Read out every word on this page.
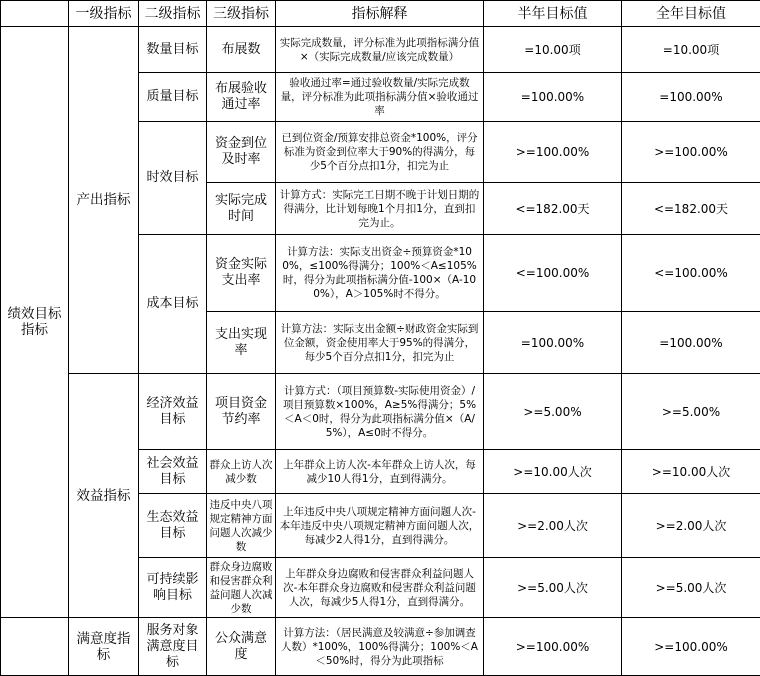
	一级指标	二级指标	三级指标	指标解释	半年目标值	全年目标值
绩效目标指标	产出指标	数量目标	布展数	实际完成数量，评分标准为此项指标满分值×（实际完成数量/应该完成数量）	=10.00项	=10.00项
		质量目标	布展验收通过率	验收通过率=通过验收数量/实际完成数量，评分标准为此项指标满分值×验收通过率	=100.00%	=100.00%
		时效目标	资金到位及时率	已到位资金/预算安排总资金*100%，评分标准为资金到位率大于90%的得满分，每少5个百分点扣1分，扣完为止	>=100.00%	>=100.00%
			实际完成时间	计算方式：实际完工日期不晚于计划日期的得满分，比计划每晚1个月扣1分，直到扣完为止。	<=182.00天	<=182.00天
		成本目标	资金实际支出率	计算方法：实际支出资金÷预算资金*100%，≤100%得满分；100%＜A≤105%时，得分为此项指标满分值-100×（A-100%），A＞105%时不得分。	<=100.00%	<=100.00%
			支出实现率	计算方法：实际支出金额÷财政资金实际到位金额，资金使用率大于95%的得满分，每少5个百分点扣1分，扣完为止	=100.00%	=100.00%
	效益指标	经济效益目标	项目资金节约率	计算方式：（项目预算数-实际使用资金）/项目预算数×100%，A≥5%得满分；5%＜A＜0时，得分为此项指标满分值×（A/5%），A≤0时不得分。	>=5.00%	>=5.00%
		社会效益目标	群众上访人次减少数	上年群众上访人次-本年群众上访人次，每减少10人得1分，直到得满分。	>=10.00人次	>=10.00人次
		生态效益目标	违反中央八项规定精神方面问题人次减少数	上年违反中央八项规定精神方面问题人次-本年违反中央八项规定精神方面问题人次，每减少2人得1分，直到得满分。	>=2.00人次	>=2.00人次
		可持续影响目标	群众身边腐败和侵害群众利益问题人次减少数	上年群众身边腐败和侵害群众利益问题人次-本年群众身边腐败和侵害群众利益问题人次，每减少5人得1分，直到得满分。	>=5.00人次	>=5.00人次
	满意度指标	服务对象满意度目标	公众满意度	计算方法：（居民满意及较满意÷参加调查人数）*100%，100%得满分；100%＜A＜50%时，得分为此项指标	>=100.00%	>=100.00%
